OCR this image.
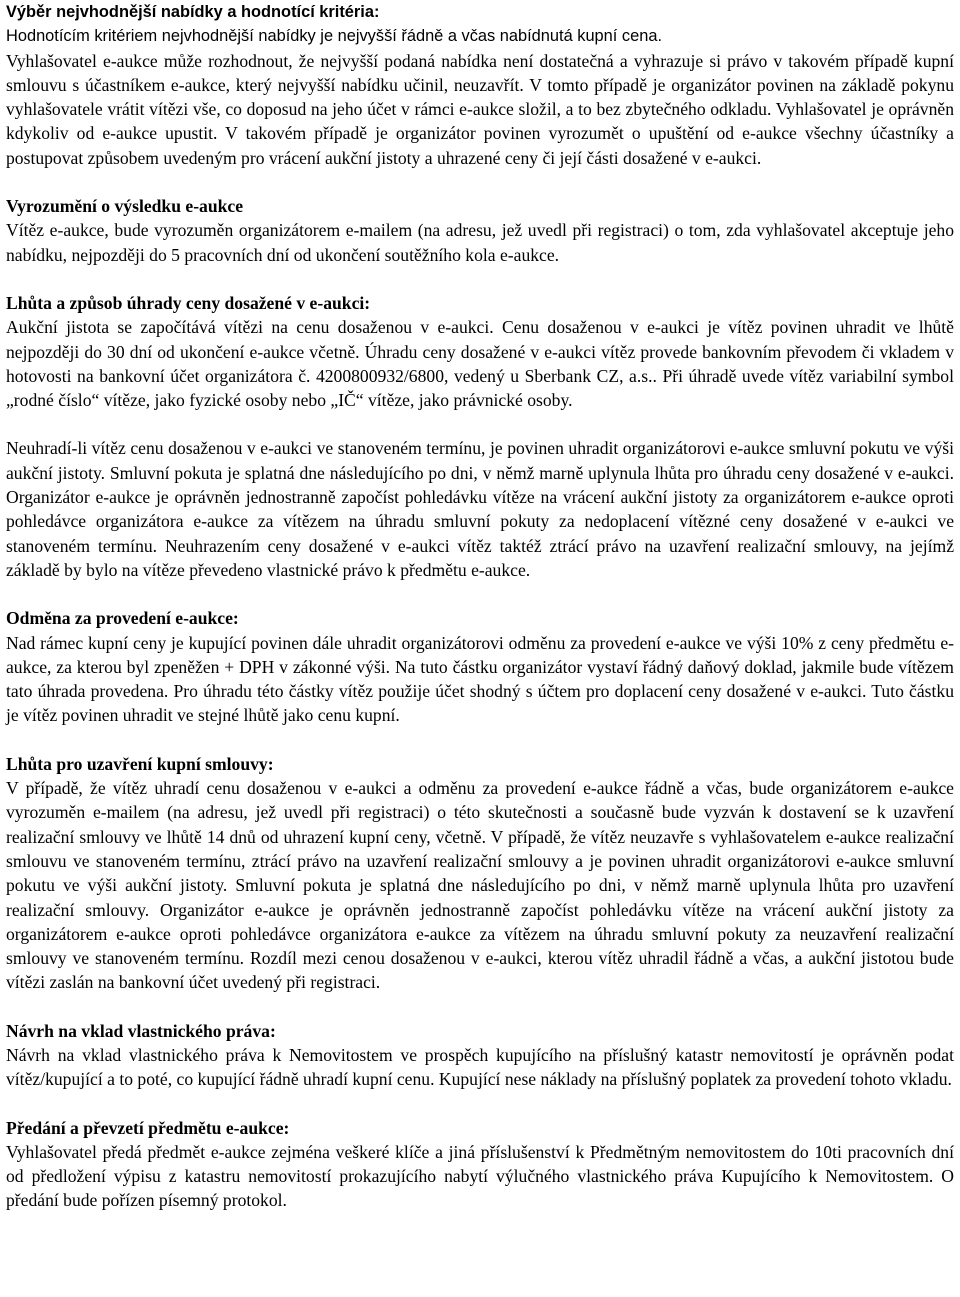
Výběr nejvhodnější nabídky a hodnotící kritéria:

Hodnotícím kritériem nejvhodnější nabídky je nejvyšší řádně a včas nabídnutá kupní cena.

Vyhlašovatel e-aukce může rozhodnout, že nejvyšší podaná nabídka není dostatečná a vyhrazuje si právo v takovém případě kupní smlouvu s účastníkem e-aukce, který nejvyšší nabídku učinil, neuzavřít. V tomto případě je organizátor povinen na základě pokynu vyhlašovatele vrátit vítězi vše, co doposud na jeho účet v rámci e-aukce složil, a to bez zbytečného odkladu. Vyhlašovatel je oprávněn kdykoliv od e-aukce upustit. V takovém případě je organizátor povinen vyrozumět o upuštění od e-aukce všechny účastníky a postupovat způsobem uvedeným pro vrácení aukční jistoty a uhrazené ceny či její části dosažené v e-aukci.

Vyrozumění o výsledku e-aukce

Vítěz e-aukce, bude vyrozuměn organizátorem e-mailem (na adresu, jež uvedl při registraci) o tom, zda vyhlašovatel akceptuje jeho nabídku, nejpozději do 5 pracovních dní od ukončení soutěžního kola e-aukce.

Lhůta a způsob úhrady ceny dosažené v e-aukci:

Aukční jistota se započítává vítězi na cenu dosaženou v e-aukci. Cenu dosaženou v e-aukci je vítěz povinen uhradit ve lhůtě nejpozději do 30 dní od ukončení e-aukce včetně. Úhradu ceny dosažené v e-aukci vítěz provede bankovním převodem či vkladem v hotovosti na bankovní účet organizátora č. 4200800932/6800, vedený u Sberbank CZ, a.s.. Při úhradě uvede vítěz variabilní symbol „rodné číslo“ vítěze, jako fyzické osoby nebo „IČ“ vítěze, jako právnické osoby.

Neuhradí-li vítěz cenu dosaženou v e-aukci ve stanoveném termínu, je povinen uhradit organizátorovi e-aukce smluvní pokutu ve výši aukční jistoty. Smluvní pokuta je splatná dne následujícího po dni, v němž marně uplynula lhůta pro úhradu ceny dosažené v e-aukci. Organizátor e-aukce je oprávněn jednostranně započíst pohledávku vítěze na vrácení aukční jistoty za organizátorem e-aukce oproti pohledávce organizátora e-aukce za vítězem na úhradu smluvní pokuty za nedoplacení vítězné ceny dosažené v e-aukci ve stanoveném termínu. Neuhrazením ceny dosažené v e-aukci vítěz taktéž ztrácí právo na uzavření realizační smlouvy, na jejímž základě by bylo na vítěze převedeno vlastnické právo k předmětu e-aukce.

Odměna za provedení e-aukce:

Nad rámec kupní ceny je kupující povinen dále uhradit organizátorovi odměnu za provedení e-aukce ve výši 10% z ceny předmětu e-aukce, za kterou byl zpeněžen + DPH v zákonné výši. Na tuto částku organizátor vystaví řádný daňový doklad, jakmile bude vítězem tato úhrada provedena. Pro úhradu této částky vítěz použije účet shodný s účtem pro doplacení ceny dosažené v e-aukci. Tuto částku je vítěz povinen uhradit ve stejné lhůtě jako cenu kupní.

Lhůta pro uzavření kupní smlouvy:

V případě, že vítěz uhradí cenu dosaženou v e-aukci a odměnu za provedení e-aukce řádně a včas, bude organizátorem e-aukce vyrozuměn e-mailem (na adresu, jež uvedl při registraci) o této skutečnosti a současně bude vyzván k dostavení se k uzavření realizační smlouvy ve lhůtě 14 dnů od uhrazení kupní ceny, včetně. V případě, že vítěz neuzavře s vyhlašovatelem e-aukce realizační smlouvu ve stanoveném termínu, ztrácí právo na uzavření realizační smlouvy a je povinen uhradit organizátorovi e-aukce smluvní pokutu ve výši aukční jistoty. Smluvní pokuta je splatná dne následujícího po dni, v němž marně uplynula lhůta pro uzavření realizační smlouvy. Organizátor e-aukce je oprávněn jednostranně započíst pohledávku vítěze na vrácení aukční jistoty za organizátorem e-aukce oproti pohledávce organizátora e-aukce za vítězem na úhradu smluvní pokuty za neuzavření realizační smlouvy ve stanoveném termínu. Rozdíl mezi cenou dosaženou v e-aukci, kterou vítěz uhradil řádně a včas, a aukční jistotou bude vítězi zaslán na bankovní účet uvedený při registraci.

Návrh na vklad vlastnického práva:

Návrh na vklad vlastnického práva k Nemovitostem ve prospěch kupujícího na příslušný katastr nemovitostí je oprávněn podat vítěz/kupující a to poté, co kupující řádně uhradí kupní cenu. Kupující nese náklady na příslušný poplatek za provedení tohoto vkladu.

Předání a převzetí předmětu e-aukce:

Vyhlašovatel předá předmět e-aukce zejména veškeré klíče a jiná příslušenství k Předmětným nemovitostem do 10ti pracovních dní od předložení výpisu z katastru nemovitostí prokazujícího nabytí výlučného vlastnického práva Kupujícího k Nemovitostem. O předání bude pořízen písemný protokol.
